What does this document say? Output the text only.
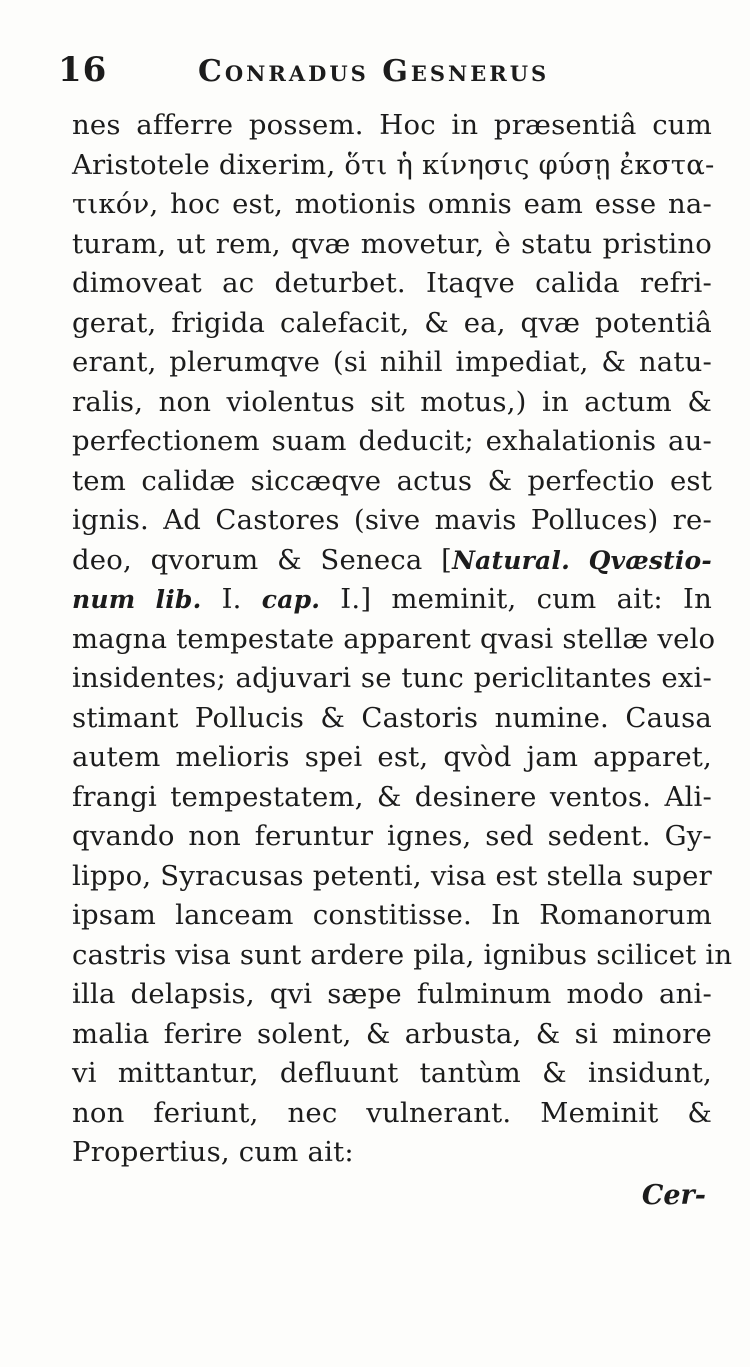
16	Conradus Gesnerus
nes afferre possem. Hoc in præsentiâ cum
Aristotele dixerim, ὅτι ἡ κίνησις φύσῃ ἐκστα-
τικόν, hoc est, motionis omnis eam esse na-
turam, ut rem, qvæ movetur, è statu pristino
dimoveat ac deturbet. Itaqve calida refri-
gerat, frigida calefacit, & ea, qvæ potentiâ
erant, plerumqve (si nihil impediat, & natu-
ralis, non violentus sit motus,) in actum &
perfectionem suam deducit; exhalationis au-
tem calidæ siccæqve actus & perfectio est
ignis. Ad Castores (sive mavis Polluces) re-
deo, qvorum & Seneca [Natural. Qvæstio-
num lib. I. cap. I.] meminit, cum ait: In
magna tempestate apparent qvasi stellæ velo
insidentes; adjuvari se tunc periclitantes exi-
stimant Pollucis & Castoris numine. Causa
autem melioris spei est, qvòd jam apparet,
frangi tempestatem, & desinere ventos. Ali-
qvando non feruntur ignes, sed sedent. Gy-
lippo, Syracusas petenti, visa est stella super
ipsam lanceam constitisse. In Romanorum
castris visa sunt ardere pila, ignibus scilicet in
illa delapsis, qvi sæpe fulminum modo ani-
malia ferire solent, & arbusta, & si minore
vi mittantur, defluunt tantùm & insidunt,
non feriunt, nec vulnerant. Meminit &
Propertius, cum ait:
Cer-
